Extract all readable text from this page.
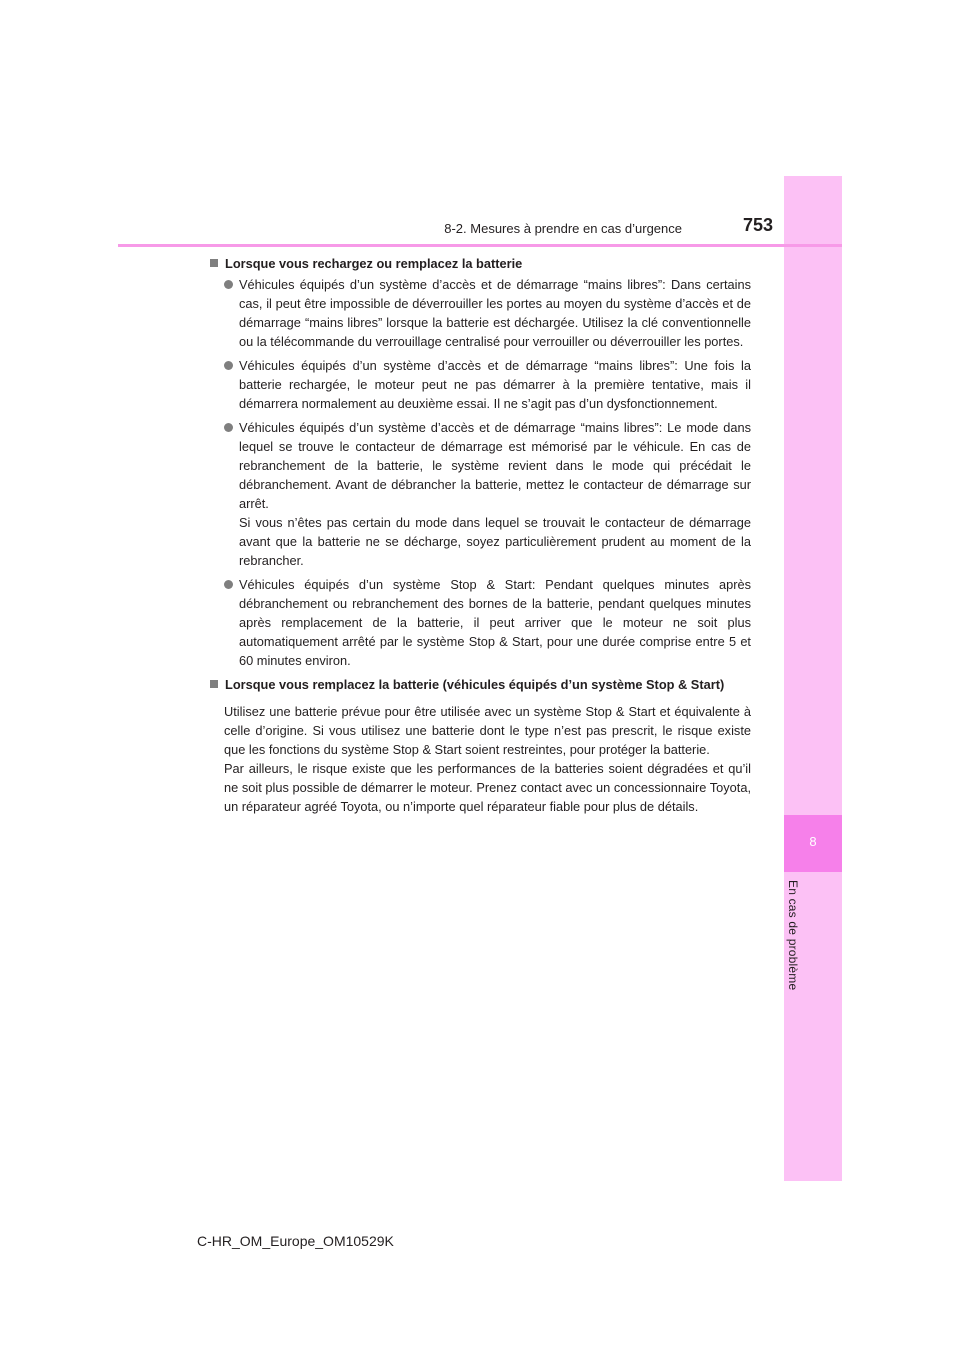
8
En cas de problème
8-2. Mesures à prendre en cas d’urgence	753
Lorsque vous rechargez ou remplacez la batterie
Véhicules équipés d’un système d’accès et de démarrage “mains libres”: Dans certains cas, il peut être impossible de déverrouiller les portes au moyen du système d’accès et de démarrage “mains libres” lorsque la batterie est déchargée. Utilisez la clé conventionnelle ou la télécommande du verrouillage centralisé pour verrouiller ou déverrouiller les portes.
Véhicules équipés d’un système d’accès et de démarrage “mains libres”: Une fois la batterie rechargée, le moteur peut ne pas démarrer à la première tentative, mais il démarrera normalement au deuxième essai. Il ne s’agit pas d’un dysfonctionnement.
Véhicules équipés d’un système d’accès et de démarrage “mains libres”: Le mode dans lequel se trouve le contacteur de démarrage est mémorisé par le véhicule. En cas de rebranchement de la batterie, le système revient dans le mode qui précédait le débranchement. Avant de débrancher la batterie, mettez le contacteur de démarrage sur arrêt.
Si vous n’êtes pas certain du mode dans lequel se trouvait le contacteur de démarrage avant que la batterie ne se décharge, soyez particulièrement prudent au moment de la rebrancher.
Véhicules équipés d’un système Stop & Start: Pendant quelques minutes après débranchement ou rebranchement des bornes de la batterie, pendant quelques minutes après remplacement de la batterie, il peut arriver que le moteur ne soit plus automatiquement arrêté par le système Stop & Start, pour une durée comprise entre 5 et 60 minutes environ.
Lorsque vous remplacez la batterie (véhicules équipés d’un système Stop & Start)

Utilisez une batterie prévue pour être utilisée avec un système Stop & Start et équivalente à celle d’origine. Si vous utilisez une batterie dont le type n’est pas prescrit, le risque existe que les fonctions du système Stop & Start soient restreintes, pour protéger la batterie.

Par ailleurs, le risque existe que les performances de la batteries soient dégradées et qu’il ne soit plus possible de démarrer le moteur. Prenez contact avec un concessionnaire Toyota, un réparateur agréé Toyota, ou n’importe quel réparateur fiable pour plus de détails.

C-HR_OM_Europe_OM10529K
